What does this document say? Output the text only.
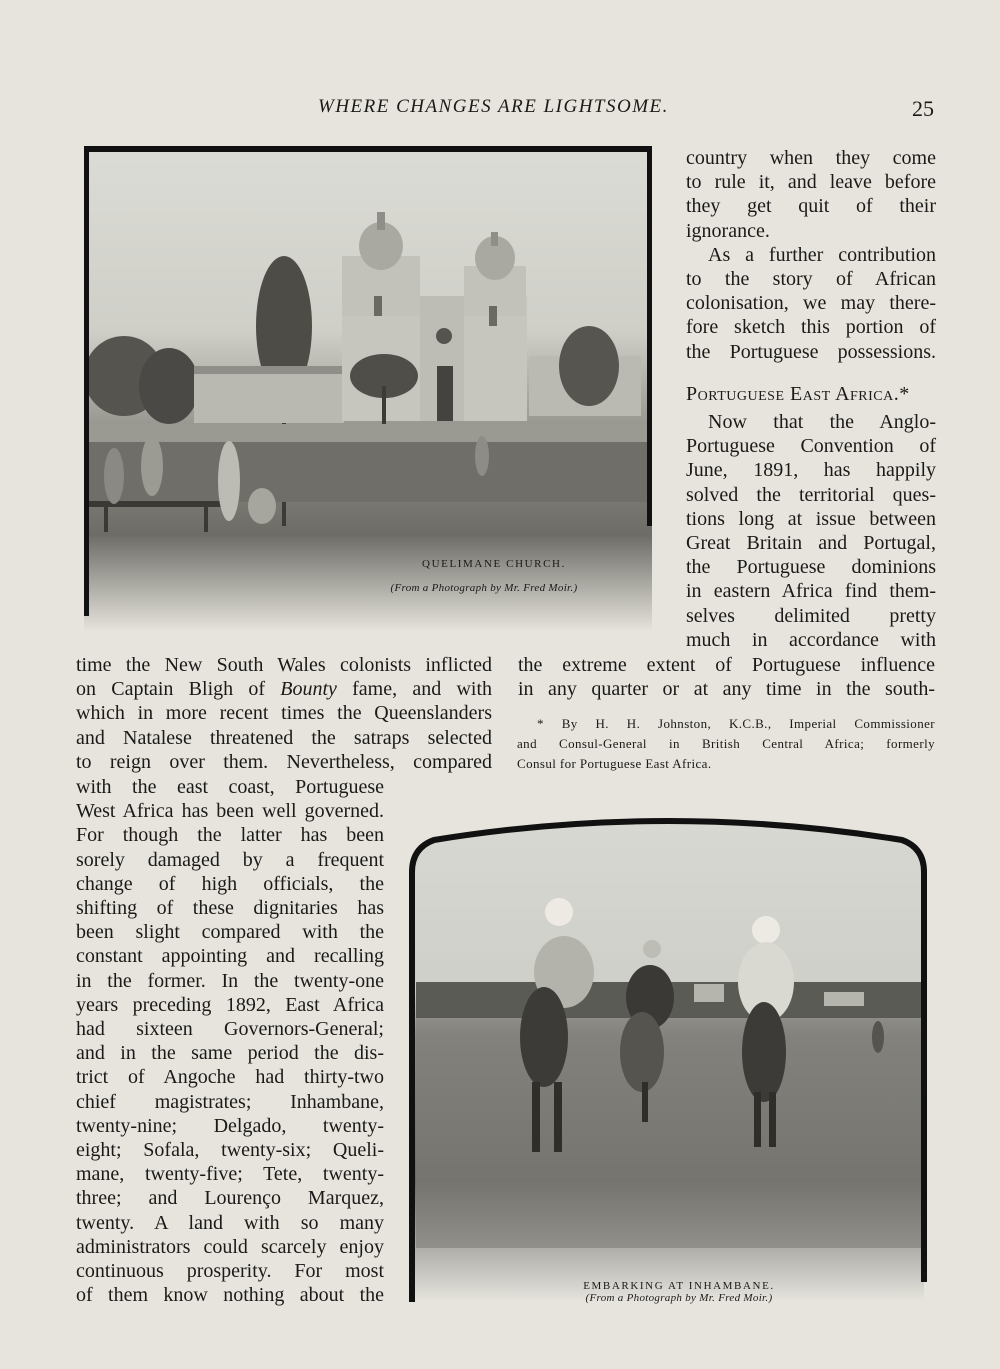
WHERE CHANGES ARE LIGHTSOME.	25
QUELIMANE CHURCH.
(From a Photograph by Mr. Fred Moir.)

country when they come

to rule it, and leave before

they get quit of their

ignorance.

As a further contribution

to the story of African

colonisation, we may there-

fore sketch this portion of

the Portuguese possessions.

Portuguese East Africa.*

Now that the Anglo-

Portuguese Convention of

June, 1891, has happily

solved the territorial ques-

tions long at issue between

Great Britain and Portugal,

the Portuguese dominions

in eastern Africa find them-

selves delimited pretty

much in accordance with

the extreme extent of Portuguese influence

in any quarter or at any time in the south-

* By H. H. Johnston, K.C.B., Imperial Commissioner

and Consul-General in British Central Africa; formerly

Consul for Portuguese East Africa.

time the New South Wales colonists inflicted

on Captain Bligh of Bounty fame, and with

which in more recent times the Queenslanders

and Natalese threatened the satraps selected

to reign over them. Nevertheless, compared

with the east coast, Portuguese

West Africa has been well governed.

For though the latter has been

sorely damaged by a frequent

change of high officials, the

shifting of these dignitaries has

been slight compared with the

constant appointing and recalling

in the former. In the twenty-one

years preceding 1892, East Africa

had sixteen Governors-General;

and in the same period the dis-

trict of Angoche had thirty-two

chief magistrates; Inhambane,

twenty-nine; Delgado, twenty-

eight; Sofala, twenty-six; Queli-

mane, twenty-five; Tete, twenty-

three; and Lourenço Marquez,

twenty. A land with so many

administrators could scarcely enjoy

continuous prosperity. For most

of them know nothing about the	EMBARKING AT INHAMBANE.
(From a Photograph by Mr. Fred Moir.)
